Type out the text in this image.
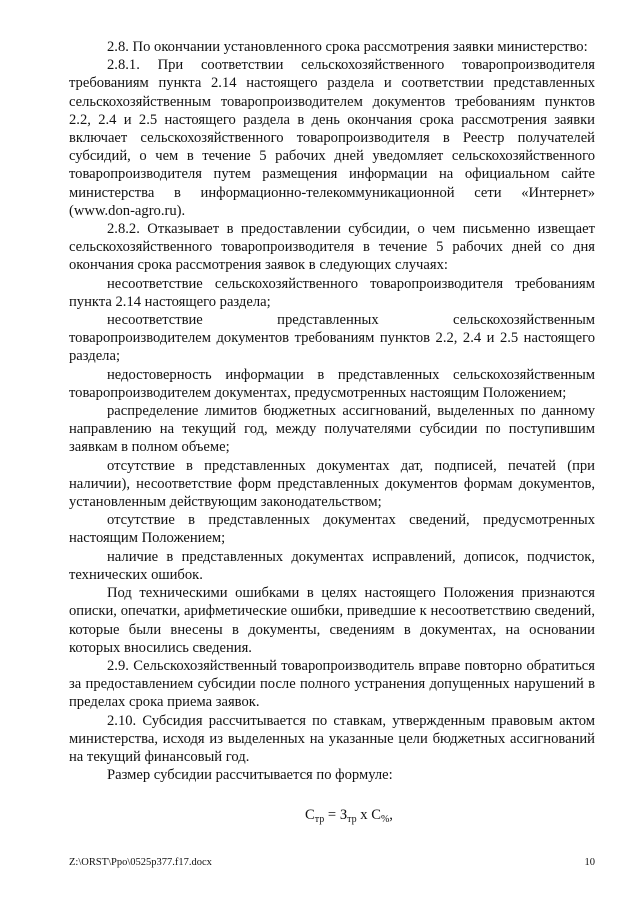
2.8. По окончании установленного срока рассмотрения заявки министерство:

2.8.1. При соответствии сельскохозяйственного товаропроизводителя требованиям пункта 2.14 настоящего раздела и соответствии представленных сельскохозяйственным товаропроизводителем документов требованиям пунктов 2.2, 2.4 и 2.5 настоящего раздела в день окончания срока рассмотрения заявки включает сельскохозяйственного товаропроизводителя в Реестр получателей субсидий, о чем в течение 5 рабочих дней уведомляет сельскохозяйственного товаропроизводителя путем размещения информации на официальном сайте министерства в информационно-телекоммуникационной сети «Интернет» (www.don-agro.ru).

2.8.2. Отказывает в предоставлении субсидии, о чем письменно извещает сельскохозяйственного товаропроизводителя в течение 5 рабочих дней со дня окончания срока рассмотрения заявок в следующих случаях:

несоответствие сельскохозяйственного товаропроизводителя требованиям пункта 2.14 настоящего раздела;

несоответствие представленных сельскохозяйственным товаропроизводителем документов требованиям пунктов 2.2, 2.4 и 2.5 настоящего раздела;

недостоверность информации в представленных сельскохозяйственным товаропроизводителем документах, предусмотренных настоящим Положением;

распределение лимитов бюджетных ассигнований, выделенных по данному направлению на текущий год, между получателями субсидии по поступившим заявкам в полном объеме;

отсутствие в представленных документах дат, подписей, печатей (при наличии), несоответствие форм представленных документов формам документов, установленным действующим законодательством;

отсутствие в представленных документах сведений, предусмотренных настоящим Положением;

наличие в представленных документах исправлений, дописок, подчисток, технических ошибок.

Под техническими ошибками в целях настоящего Положения признаются описки, опечатки, арифметические ошибки, приведшие к несоответствию сведений, которые были внесены в документы, сведениям в документах, на основании которых вносились сведения.

2.9. Сельскохозяйственный товаропроизводитель вправе повторно обратиться за предоставлением субсидии после полного устранения допущенных нарушений в пределах срока приема заявок.

2.10. Субсидия рассчитывается по ставкам, утвержденным правовым актом министерства, исходя из выделенных на указанные цели бюджетных ассигнований на текущий финансовый год.

Размер субсидии рассчитывается по формуле:

$С_{тр} = З_{тр}$ х $С_{\%}$,
Z:\ORST\Ppo\0525p377.f17.docx	10
